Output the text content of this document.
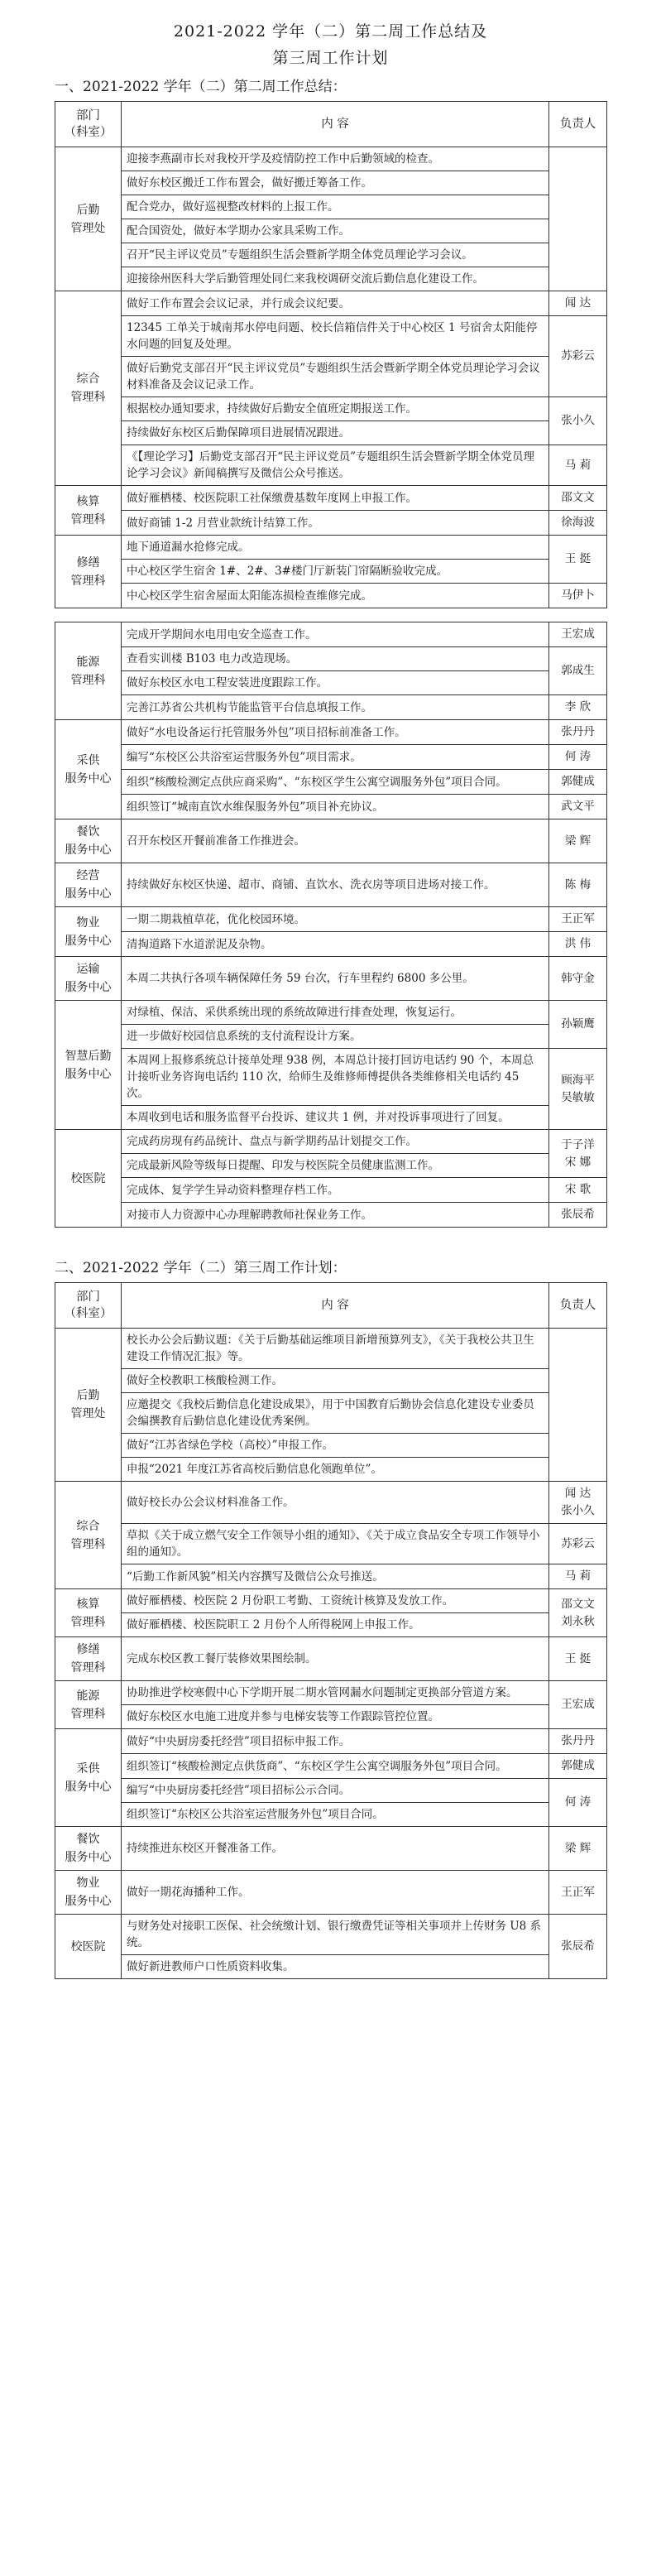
2021-2022 学年（二）第二周工作总结及
第三周工作计划
一、2021-2022 学年（二）第二周工作总结：
部门
（科室）	内 容	负责人
后勤
管理处	迎接李燕副市长对我校开学及疫情防控工作中后勤领域的检查。	

	做好东校区搬迁工作布置会，做好搬迁筹备工作。	

	配合党办，做好巡视整改材料的上报工作。	

	配合国资处，做好本学期办公家具采购工作。	

	召开“民主评议党员”专题组织生活会暨新学期全体党员理论学习会议。	

	迎接徐州医科大学后勤管理处同仁来我校调研交流后勤信息化建设工作。	

综合
管理科	做好工作布置会会议记录，并行成会议纪要。	闻 达

	12345 工单关于城南邦水停电问题、校长信箱信件关于中心校区 1 号宿舍太阳能停水问题的回复及处理。	苏彩云

	做好后勤党支部召开“民主评议党员”专题组织生活会暨新学期全体党员理论学习会议材料准备及会议记录工作。	

	根据校办通知要求，持续做好后勤安全值班定期报送工作。	张小久

	持续做好东校区后勤保障项目进展情况跟进。	

	《【理论学习】后勤党支部召开“民主评议党员”专题组织生活会暨新学期全体党员理论学习会议》新闻稿撰写及微信公众号推送。	马 莉
核算
管理科	做好雁栖楼、校医院职工社保缴费基数年度网上申报工作。	邵文文

	做好商铺 1-2 月营业款统计结算工作。	徐海波
修缮
管理科	地下通道漏水抢修完成。	王 挺

	中心校区学生宿舍 1#、2#、3#楼门厅新装门帘隔断验收完成。	

	中心校区学生宿舍屋面太阳能冻损检查维修完成。	马伊卜

能源
管理科	完成开学期间水电用电安全巡查工作。	王宏成

	查看实训楼 B103 电力改造现场。	郭成生

	做好东校区水电工程安装进度跟踪工作。	

	完善江苏省公共机构节能监管平台信息填报工作。	李 欣
采供
服务中心	做好“水电设备运行托管服务外包”项目招标前准备工作。	张丹丹

	编写“东校区公共浴室运营服务外包”项目需求。	何 涛

	组织“核酸检测定点供应商采购”、“东校区学生公寓空调服务外包”项目合同。	郭健成

	组织签订“城南直饮水维保服务外包”项目补充协议。	武文平
餐饮
服务中心	召开东校区开餐前准备工作推进会。	梁 辉
经营
服务中心	持续做好东校区快递、超市、商铺、直饮水、洗衣房等项目进场对接工作。	陈 梅
物业
服务中心	一期二期栽植草花，优化校园环境。	王正军

	清掏道路下水道淤泥及杂物。	洪 伟
运输
服务中心	本周二共执行各项车辆保障任务 59 台次，行车里程约 6800 多公里。	韩守金
智慧后勤
服务中心	对绿植、保洁、采供系统出现的系统故障进行排查处理，恢复运行。	孙颖鹰

	进一步做好校园信息系统的支付流程设计方案。	

	本周网上报修系统总计接单处理 938 例，本周总计接打回访电话约 90 个，本周总计接听业务咨询电话约 110 次，给师生及维修师傅提供各类维修相关电话约 45 次。	顾海平
吴敏敏

	本周收到电话和服务监督平台投诉、建议共 1 例，并对投诉事项进行了回复。	

校医院	完成药房现有药品统计、盘点与新学期药品计划提交工作。	于子洋
宋 娜

	完成最新风险等级每日提醒、印发与校医院全员健康监测工作。	

	完成体、复学学生异动资料整理存档工作。	宋 歌

	对接市人力资源中心办理解聘教师社保业务工作。	张辰希
二、2021-2022 学年（二）第三周工作计划：
部门
（科室）	内 容	负责人
后勤
管理处	校长办公会后勤议题：《关于后勤基础运维项目新增预算列支》，《关于我校公共卫生建设工作情况汇报》等。	

	做好全校教职工核酸检测工作。	

	应邀提交《我校后勤信息化建设成果》，用于中国教育后勤协会信息化建设专业委员会编撰教育后勤信息化建设优秀案例。	

	做好“江苏省绿色学校（高校）”申报工作。	

	申报“2021 年度江苏省高校后勤信息化领跑单位”。	

综合
管理科	做好校长办公会议材料准备工作。	闻 达
张小久

	草拟《关于成立燃气安全工作领导小组的通知》、《关于成立食品安全专项工作领导小组的通知》。	苏彩云

	“后勤工作新风貌”相关内容撰写及微信公众号推送。	马 莉
核算
管理科	做好雁栖楼、校医院 2 月份职工考勤、工资统计核算及发放工作。	邵文文
刘永秋

	做好雁栖楼、校医院职工 2 月份个人所得税网上申报工作。	

修缮
管理科	完成东校区教工餐厅装修效果图绘制。	王 挺
能源
管理科	协助推进学校寒假中心下学期开展二期水管网漏水问题制定更换部分管道方案。	王宏成

	做好东校区水电施工进度并参与电梯安装等工作跟踪管控位置。	

采供
服务中心	做好“中央厨房委托经营”项目招标申报工作。	张丹丹

	组织签订“核酸检测定点供货商”、“东校区学生公寓空调服务外包”项目合同。	郭健成

	编写“中央厨房委托经营”项目招标公示合同。	何 涛

	组织签订“东校区公共浴室运营服务外包”项目合同。	

餐饮
服务中心	持续推进东校区开餐准备工作。	梁 辉
物业
服务中心	做好一期花海播种工作。	王正军
校医院	与财务处对接职工医保、社会统缴计划、银行缴费凭证等相关事项并上传财务 U8 系统。	张辰希

	做好新进教师户口性质资料收集。	
